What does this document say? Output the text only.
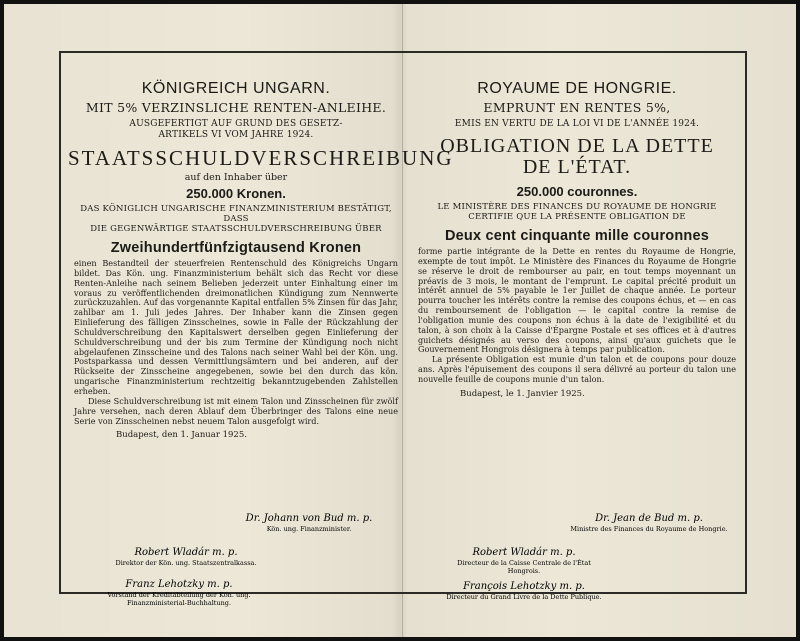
KÖNIGREICH UNGARN.

MIT 5% VERZINSLICHE RENTEN-ANLEIHE.

AUSGEFERTIGT AUF GRUND DES GESETZ-

ARTIKELS VI VOM JAHRE 1924.

STAATSSCHULDVERSCHREIBUNG

auf den Inhaber über

250.000 Kronen.

DAS KÖNIGLICH UNGARISCHE FINANZMINISTERIUM BESTÄTIGT, DASS

DIE GEGENWÄRTIGE STAATSSCHULDVERSCHREIBUNG ÜBER

Zweihundertfünfzigtausend Kronen

einen Bestandteil der steuerfreien Rentenschuld des Königreichs Ungarn bildet. Das Kön. ung. Finanzministerium behält sich das Recht vor diese Renten-Anleihe nach seinem Belieben jederzeit unter Einhaltung einer im voraus zu veröffentlichenden dreimonatlichen Kündigung zum Nennwerte zurückzuzahlen. Auf das vorgenannte Kapital entfallen 5% Zinsen für das Jahr, zahlbar am 1. Juli jedes Jahres. Der Inhaber kann die Zinsen gegen Einlieferung des fälligen Zinsscheines, sowie in Falle der Rückzahlung der Schuldverschreibung den Kapitalswert derselben gegen Einlieferung der Schuldverschreibung und der bis zum Termine der Kündigung noch nicht abgelaufenen Zinsscheine und des Talons nach seiner Wahl bei der Kön. ung. Postsparkassa und dessen Vermittlungsämtern und bei anderen, auf der Rückseite der Zinsscheine angegebenen, sowie bei den durch das kön. ungarische Finanzministerium rechtzeitig bekanntzugebenden Zahlstellen erheben.

Diese Schuldverschreibung ist mit einem Talon und Zinsscheinen für zwölf Jahre versehen, nach deren Ablauf dem Überbringer des Talons eine neue Serie von Zinsscheinen nebst neuem Talon ausgefolgt wird.

Budapest, den 1. Januar 1925.

Dr. Johann von Bud m. p.
Kön. ung. Finanzminister.
Robert Wladár m. p.
Direktor der Kön. ung. Staatszentralkassa.
Franz Lehotzky m. p.
Vorstand der Kreditabteilung der Kön. ung.
Finanzministerial-Buchhaltung.

ROYAUME DE HONGRIE.

EMPRUNT EN RENTES 5%,

EMIS EN VERTU DE LA LOI VI DE L'ANNÉE 1924.

OBLIGATION DE LA DETTE

DE L'ÉTAT.

250.000 couronnes.

LE MINISTÈRE DES FINANCES DU ROYAUME DE HONGRIE

CERTIFIE QUE LA PRÉSENTE OBLIGATION DE

Deux cent cinquante mille couronnes

forme partie intégrante de la Dette en rentes du Royaume de Hongrie, exempte de tout impôt. Le Ministère des Finances du Royaume de Hongrie se réserve le droit de rembourser au pair, en tout temps moyennant un préavis de 3 mois, le montant de l'emprunt. Le capital précité produit un intérêt annuel de 5% payable le 1er Juillet de chaque année. Le porteur pourra toucher les intérêts contre la remise des coupons échus, et — en cas du remboursement de l'obligation — le capital contre la remise de l'obligation munie des coupons non échus à la date de l'exigibilité et du talon, à son choix à la Caisse d'Épargne Postale et ses offices et à d'autres guichets désignés au verso des coupons, ainsi qu'aux guichets que le Gouvernement Hongrois désignera à temps par publication.

La présente Obligation est munie d'un talon et de coupons pour douze ans. Après l'épuisement des coupons il sera délivré au porteur du talon une nouvelle feuille de coupons munie d'un talon.

Budapest, le 1. Janvier 1925.

Dr. Jean de Bud m. p.
Ministre des Finances du Royaume de Hongrie.
Robert Wladár m. p.
Directeur de la Caisse Centrale de l'État
Hongrois.
François Lehotzky m. p.
Directeur du Grand Livre de la Dette Publique.
